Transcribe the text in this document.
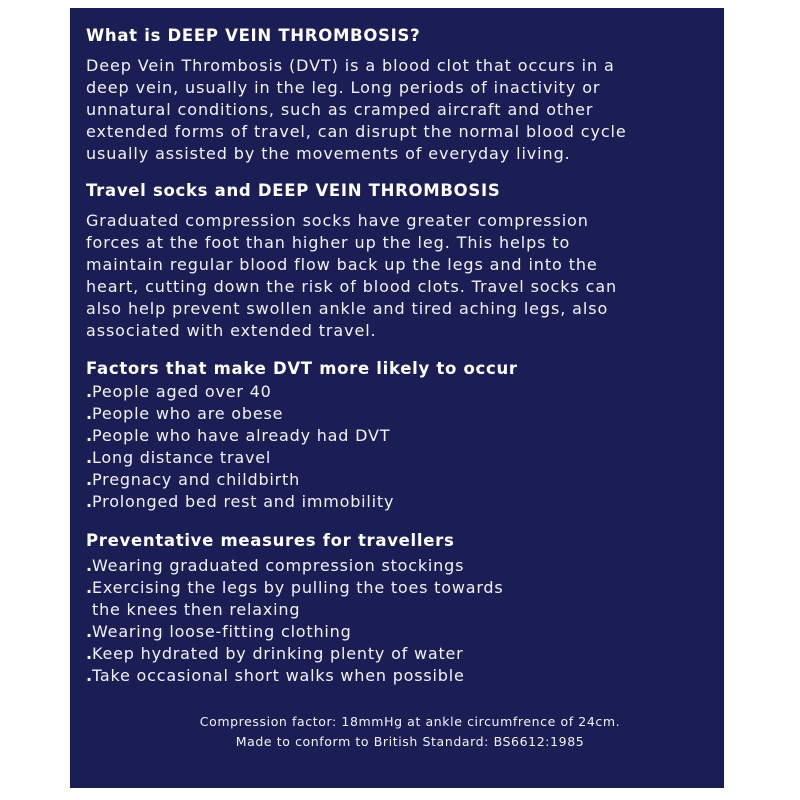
What is DEEP VEIN THROMBOSIS?
Deep Vein Thrombosis (DVT) is a blood clot that occurs in a
deep vein, usually in the leg. Long periods of inactivity or
unnatural conditions, such as cramped aircraft and other
extended forms of travel, can disrupt the normal blood cycle
usually assisted by the movements of everyday living.
Travel socks and DEEP VEIN THROMBOSIS
Graduated compression socks have greater compression
forces at the foot than higher up the leg. This helps to
maintain regular blood flow back up the legs and into the
heart, cutting down the risk of blood clots. Travel socks can
also help prevent swollen ankle and tired aching legs, also
associated with extended travel.
Factors that make DVT more likely to occur
.People aged over 40
.People who are obese
.People who have already had DVT
.Long distance travel
.Pregnacy and childbirth
.Prolonged bed rest and immobility
Preventative measures for travellers
.Wearing graduated compression stockings
.Exercising the legs by pulling the toes towards
the knees then relaxing
.Wearing loose-fitting clothing
.Keep hydrated by drinking plenty of water
.Take occasional short walks when possible
Compression factor: 18mmHg at ankle circumfrence of 24cm.
Made to conform to British Standard: BS6612:1985
